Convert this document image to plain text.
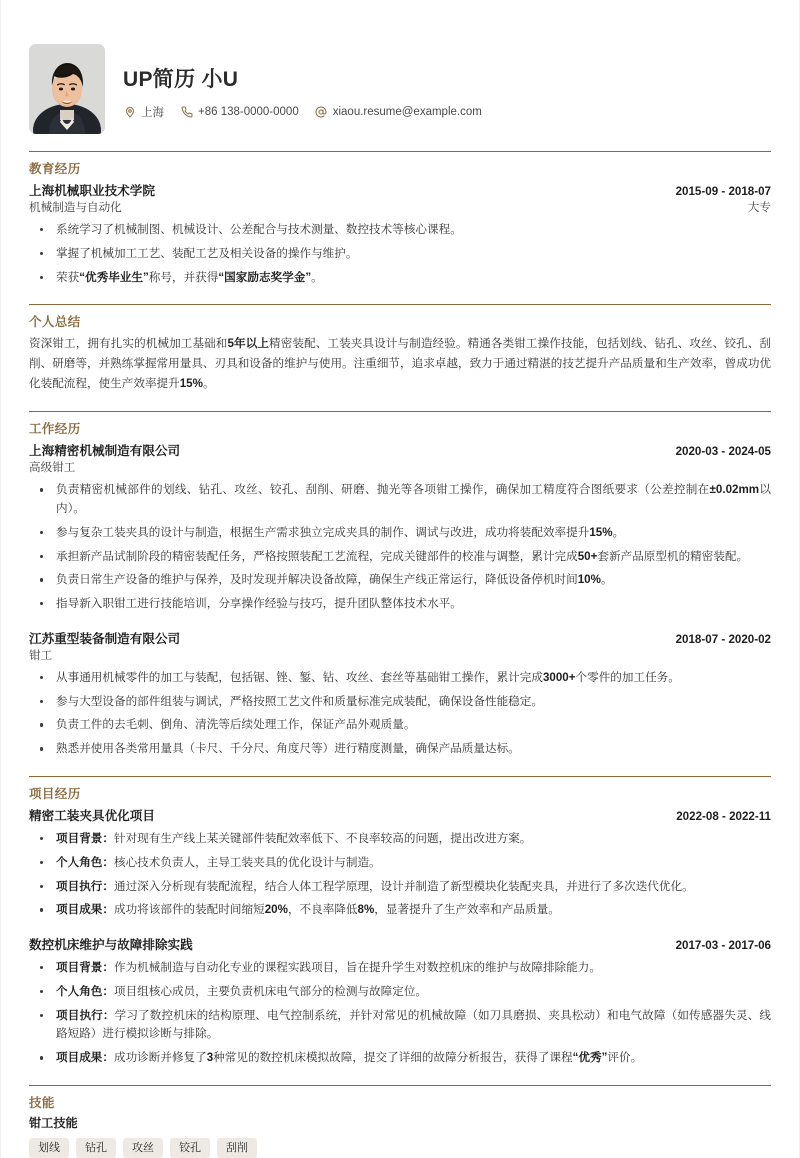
UP简历 小U
上海	+86 138-0000-0000	xiaou.resume@example.com
教育经历
上海机械职业技术学院	2015-09 - 2018-07
机械制造与自动化	大专
系统学习了机械制图、机械设计、公差配合与技术测量、数控技术等核心课程。
掌握了机械加工工艺、装配工艺及相关设备的操作与维护。
荣获“优秀毕业生”称号，并获得“国家励志奖学金”。
个人总结
资深钳工，拥有扎实的机械加工基础和5年以上精密装配、工装夹具设计与制造经验。精通各类钳工操作技能，包括划线、钻孔、攻丝、铰孔、刮削、研磨等，并熟练掌握常用量具、刃具和设备的维护与使用。注重细节，追求卓越，致力于通过精湛的技艺提升产品质量和生产效率，曾成功优化装配流程，使生产效率提升15%。
工作经历
上海精密机械制造有限公司	2020-03 - 2024-05
高级钳工
负责精密机械部件的划线、钻孔、攻丝、铰孔、刮削、研磨、抛光等各项钳工操作，确保加工精度符合图纸要求（公差控制在±0.02mm以内）。
参与复杂工装夹具的设计与制造，根据生产需求独立完成夹具的制作、调试与改进，成功将装配效率提升15%。
承担新产品试制阶段的精密装配任务，严格按照装配工艺流程，完成关键部件的校准与调整，累计完成50+套新产品原型机的精密装配。
负责日常生产设备的维护与保养，及时发现并解决设备故障，确保生产线正常运行，降低设备停机时间10%。
指导新入职钳工进行技能培训，分享操作经验与技巧，提升团队整体技术水平。
江苏重型装备制造有限公司	2018-07 - 2020-02
钳工
从事通用机械零件的加工与装配，包括锯、锉、錾、钻、攻丝、套丝等基础钳工操作，累计完成3000+个零件的加工任务。
参与大型设备的部件组装与调试，严格按照工艺文件和质量标准完成装配，确保设备性能稳定。
负责工件的去毛刺、倒角、清洗等后续处理工作，保证产品外观质量。
熟悉并使用各类常用量具（卡尺、千分尺、角度尺等）进行精度测量，确保产品质量达标。
项目经历
精密工装夹具优化项目	2022-08 - 2022-11
项目背景：针对现有生产线上某关键部件装配效率低下、不良率较高的问题，提出改进方案。
个人角色：核心技术负责人，主导工装夹具的优化设计与制造。
项目执行：通过深入分析现有装配流程，结合人体工程学原理，设计并制造了新型模块化装配夹具，并进行了多次迭代优化。
项目成果：成功将该部件的装配时间缩短20%，不良率降低8%，显著提升了生产效率和产品质量。
数控机床维护与故障排除实践	2017-03 - 2017-06
项目背景：作为机械制造与自动化专业的课程实践项目，旨在提升学生对数控机床的维护与故障排除能力。
个人角色：项目组核心成员，主要负责机床电气部分的检测与故障定位。
项目执行：学习了数控机床的结构原理、电气控制系统，并针对常见的机械故障（如刀具磨损、夹具松动）和电气故障（如传感器失灵、线路短路）进行模拟诊断与排除。
项目成果：成功诊断并修复了3种常见的数控机床模拟故障，提交了详细的故障分析报告，获得了课程“优秀”评价。
技能
钳工技能
划线	钻孔	攻丝	铰孔	刮削
